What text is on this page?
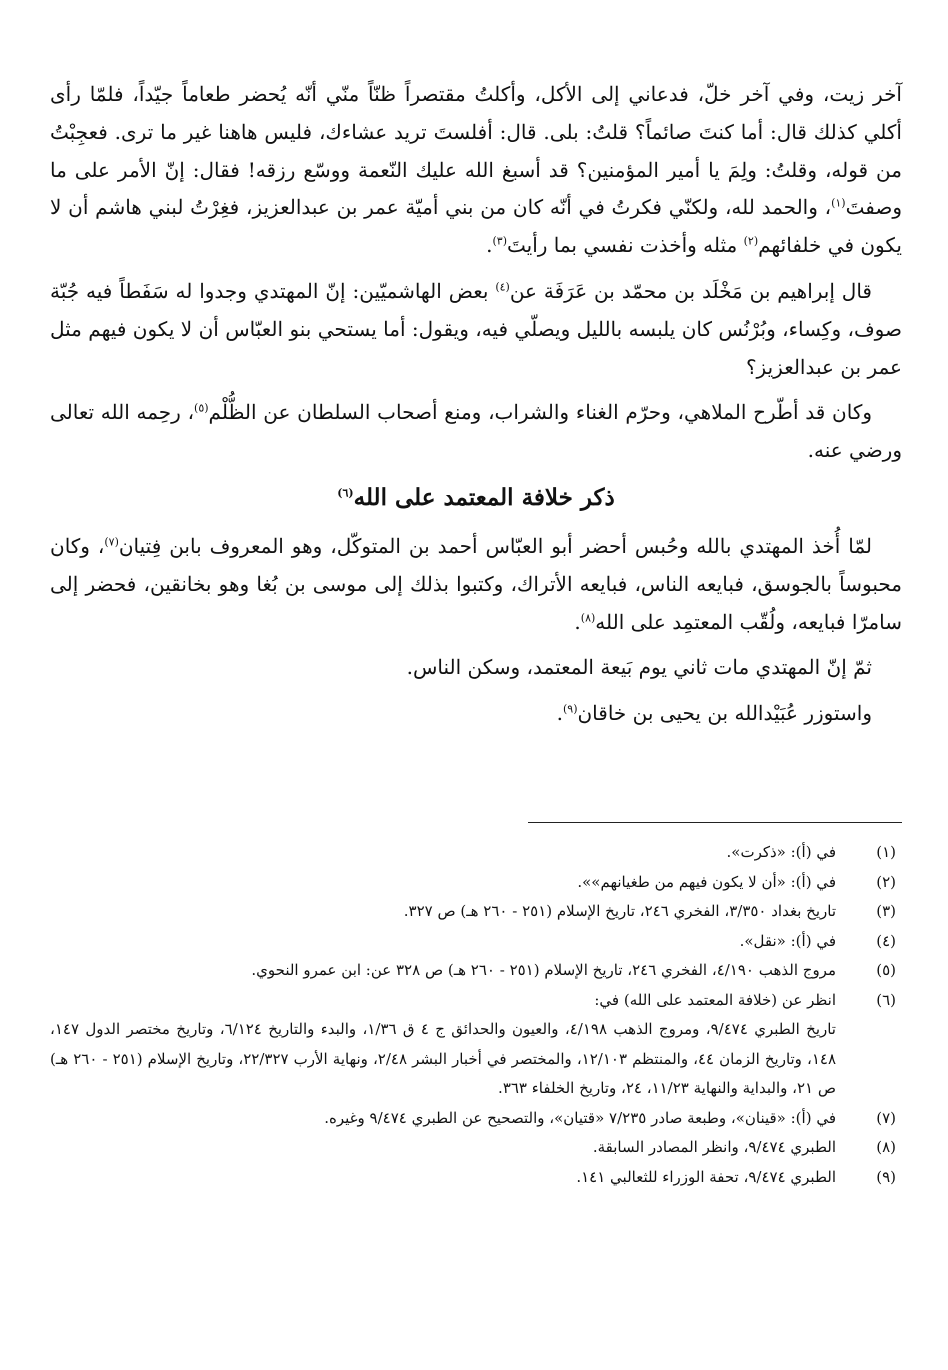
آخر زيت، وفي آخر خلّ، فدعاني إلى الأكل، وأكلتُ مقتصراً ظنّاً منّي أنّه يُحضر طعاماً جيّداً، فلمّا رأى أكلي كذلك قال: أما كنتَ صائماً؟ قلتُ: بلى. قال: أفلستَ تريد عشاءك، فليس هاهنا غير ما ترى. فعجِبْتُ من قوله، وقلتُ: ولِمَ يا أمير المؤمنين؟ قد أسبغ الله عليك النّعمة ووسّع رزقه! فقال: إنّ الأمر على ما وصفتَ$^{(١)}$، والحمد لله، ولكنّي فكرتُ في أنّه كان من بني أميّة عمر بن عبدالعزيز، فغِرْتُ لبني هاشم أن لا يكون في خلفائهم$^{(٢)}$ مثله وأخذت نفسي بما رأيتَ$^{(٣)}$.

قال إبراهيم بن مَخْلَد بن محمّد بن عَرَفَة عن$^{(٤)}$ بعض الهاشميّين: إنّ المهتدي وجدوا له سَفَطاً فيه جُبّة صوف، وكِساء، وبُرْنُس كان يلبسه بالليل ويصلّي فيه، ويقول: أما يستحي بنو العبّاس أن لا يكون فيهم مثل عمر بن عبدالعزيز؟

وكان قد أطّرح الملاهي، وحرّم الغناء والشراب، ومنع أصحاب السلطان عن الظُّلْم$^{(٥)}$، رحِمه الله تعالى ورضي عنه.

ذكر خلافة المعتمد على الله$^{(٦)}$

لمّا أُخذ المهتدي بالله وحُبس أحضر أبو العبّاس أحمد بن المتوكّل، وهو المعروف بابن فِتيان$^{(٧)}$، وكان محبوساً بالجوسق، فبايعه الناس، فبايعه الأتراك، وكتبوا بذلك إلى موسى بن بُغا وهو بخانقين، فحضر إلى سامرّا فبايعه، ولُقّب المعتمِد على الله$^{(٨)}$.

ثمّ إنّ المهتدي مات ثاني يوم بَيعة المعتمد، وسكن الناس.

واستوزر عُبَيْدالله بن يحيى بن خاقان$^{(٩)}$.

(١)
في (أ): «ذكرت».
(٢)
في (أ): «أن لا يكون فيهم من طغيانهم»».
(٣)
تاريخ بغداد ٣/٣٥٠، الفخري ٢٤٦، تاريخ الإسلام (٢٥١ - ٢٦٠ هـ) ص ٣٢٧.
(٤)
في (أ): «نقل».
(٥)
مروج الذهب ٤/١٩٠، الفخري ٢٤٦، تاريخ الإسلام (٢٥١ - ٢٦٠ هـ) ص ٣٢٨ عن: ابن عمرو النحوي.
(٦)
انظر عن (خلافة المعتمد على الله) في:
تاريخ الطبري ٩/٤٧٤، ومروج الذهب ٤/١٩٨، والعيون والحدائق ج ٤ ق ١/٣٦، والبدء والتاريخ ٦/١٢٤، وتاريخ مختصر الدول ١٤٧، ١٤٨، وتاريخ الزمان ٤٤، والمنتظم ١٢/١٠٣، والمختصر في أخبار البشر ٢/٤٨، ونهاية الأرب ٢٢/٣٢٧، وتاريخ الإسلام (٢٥١ - ٢٦٠ هـ) ص ٢١، والبداية والنهاية ١١/٢٣، ٢٤، وتاريخ الخلفاء ٣٦٣.
(٧)
في (أ): «قينان»، وطبعة صادر ٧/٢٣٥ «قتيان»، والتصحيح عن الطبري ٩/٤٧٤ وغيره.
(٨)
الطبري ٩/٤٧٤، وانظر المصادر السابقة.
(٩)
الطبري ٩/٤٧٤، تحفة الوزراء للثعالبي ١٤١.
